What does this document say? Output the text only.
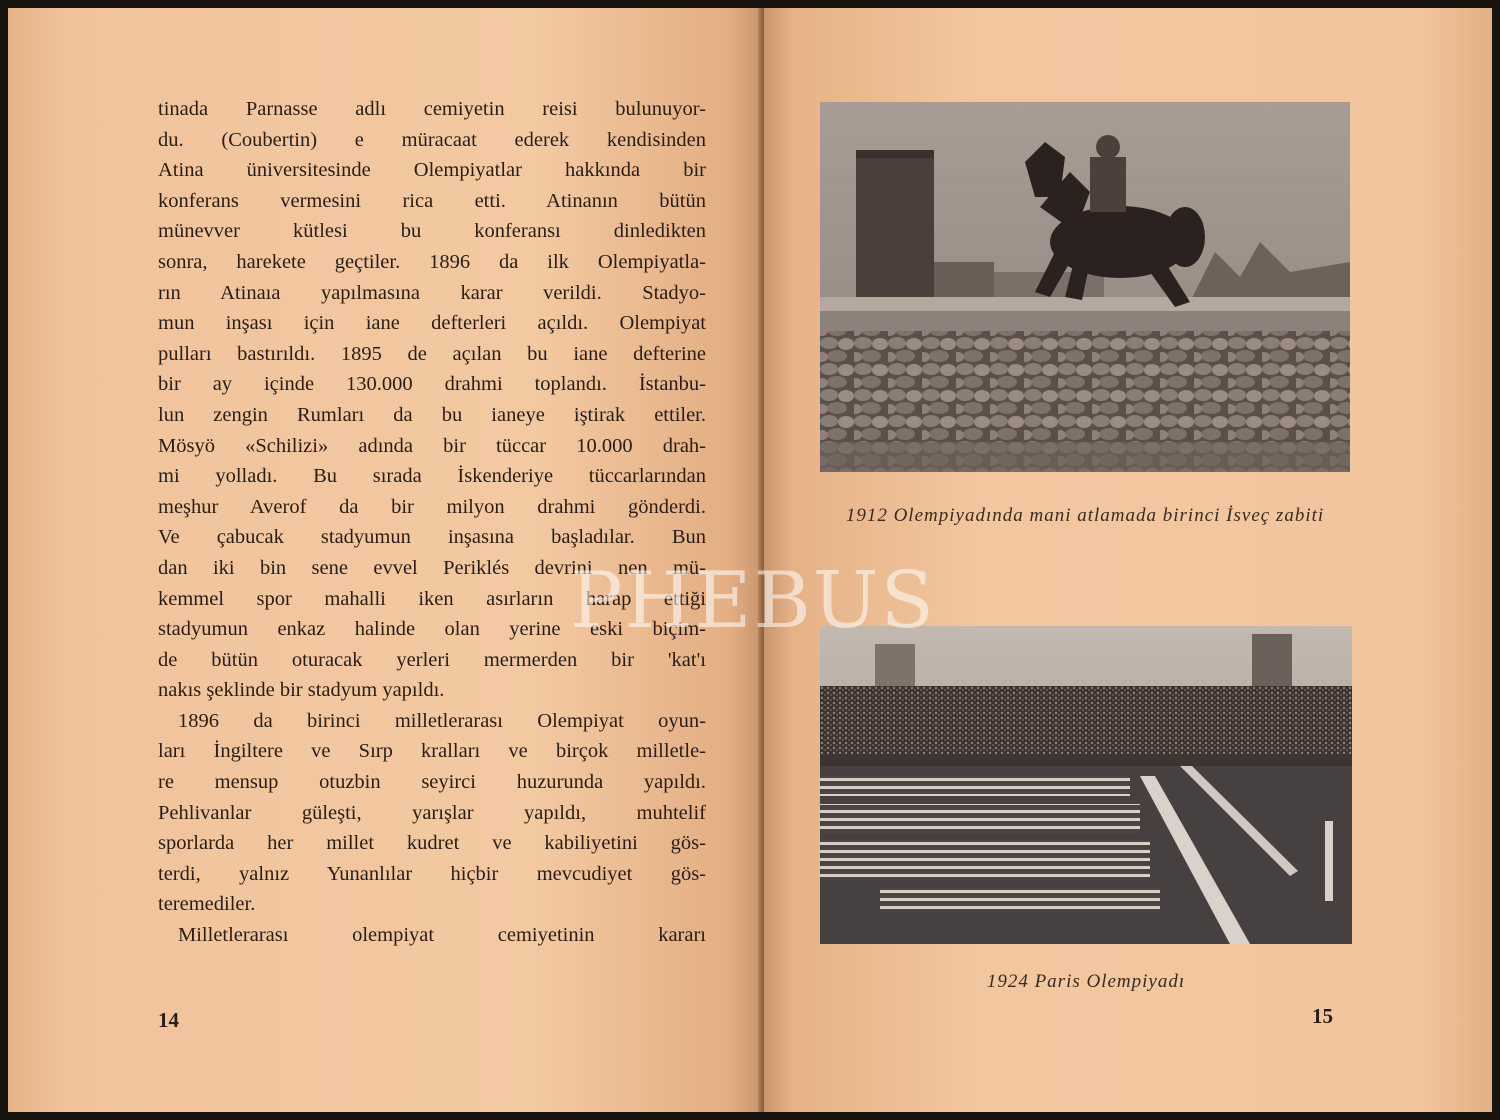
tinada Parnasse adlı cemiyetin reisi bulunuyor-
du. (Coubertin) e müracaat ederek kendisinden
Atina üniversitesinde Olempiyatlar hakkında bir
konferans vermesini rica etti. Atinanın bütün
münevver kütlesi bu konferansı dinledikten
sonra, harekete geçtiler. 1896 da ilk Olempiyatla-
rın Atinaıa yapılmasına karar verildi. Stadyo-
mun inşası için iane defterleri açıldı. Olempiyat
pulları bastırıldı. 1895 de açılan bu iane defterine
bir ay içinde 130.000 drahmi toplandı. İstanbu-
lun zengin Rumları da bu ianeye iştirak ettiler.
Mösyö «Schilizi» adında bir tüccar 10.000 drah-
mi yolladı. Bu sırada İskenderiye tüccarlarından
meşhur Averof da bir milyon drahmi gönderdi.
Ve çabucak stadyumun inşasına başladılar. Bun
dan iki bin sene evvel Periklés devrini nen mü-
kemmel spor mahalli iken asırların harap ettiği
stadyumun enkaz halinde olan yerine eski biçim-
de bütün oturacak yerleri mermerden bir 'kat'ı
nakıs şeklinde bir stadyum yapıldı.
1896 da birinci milletlerarası Olempiyat oyun-
ları İngiltere ve Sırp kralları ve birçok milletle-
re mensup otuzbin seyirci huzurunda yapıldı.
Pehlivanlar güleşti, yarışlar yapıldı, muhtelif
sporlarda her millet kudret ve kabiliyetini gös-
terdi, yalnız Yunanlılar hiçbir mevcudiyet gös-
teremediler.
Milletlerarası olempiyat cemiyetinin kararı
14
1912 Olempiyadında mani atlamada birinci İsveç zabiti
1924 Paris Olempiyadı
15
PHEBUS
